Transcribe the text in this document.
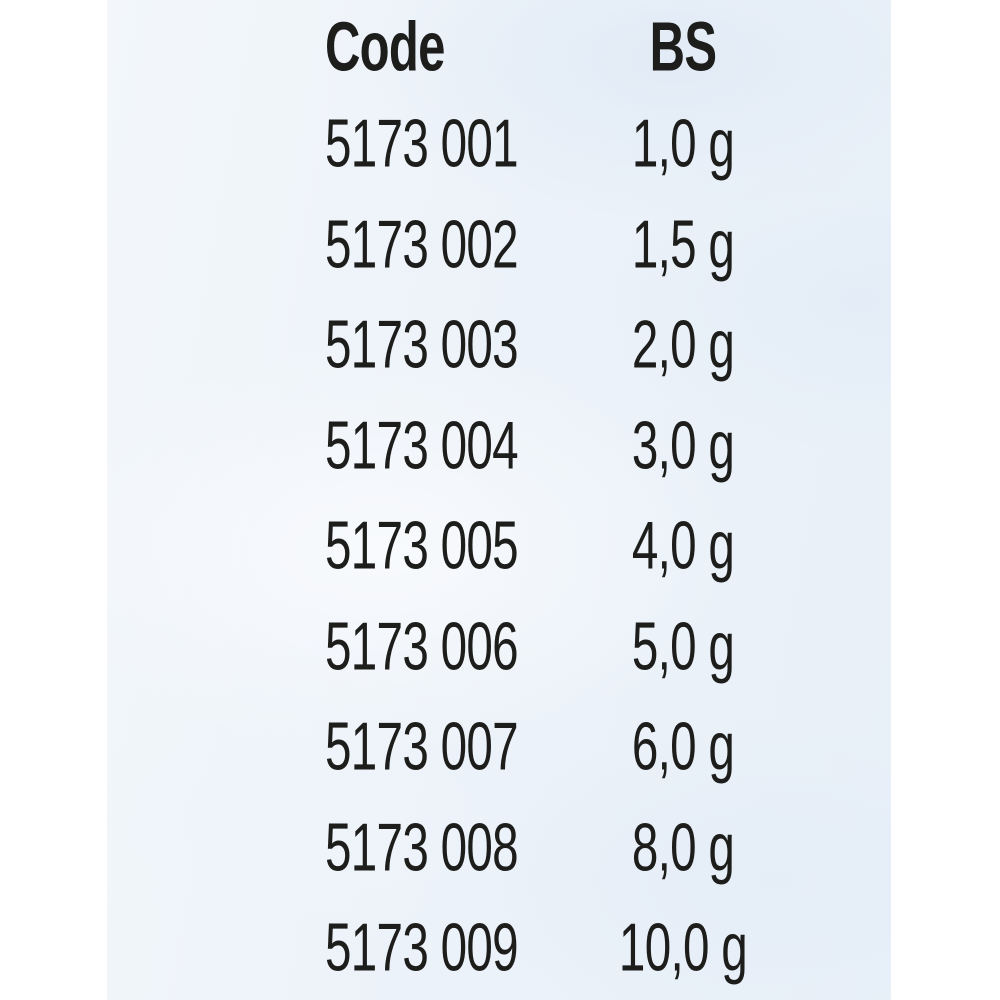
Code	BS
5173 001	1,0 g
5173 002	1,5 g
5173 003	2,0 g
5173 004	3,0 g
5173 005	4,0 g
5173 006	5,0 g
5173 007	6,0 g
5173 008	8,0 g
5173 009	10,0 g
